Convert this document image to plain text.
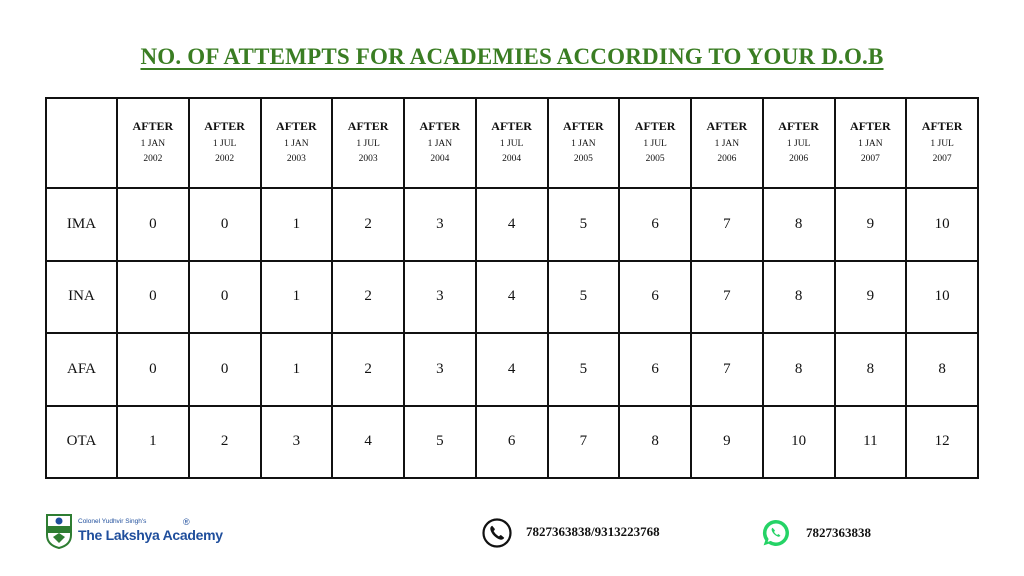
NO. OF ATTEMPTS FOR ACADEMIES ACCORDING TO YOUR D.O.B

	AFTER
1 JAN
2002	AFTER
1 JUL
2002	AFTER
1 JAN
2003	AFTER
1 JUL
2003	AFTER
1 JAN
2004	AFTER
1 JUL
2004	AFTER
1 JAN
2005	AFTER
1 JUL
2005	AFTER
1 JAN
2006	AFTER
1 JUL
2006	AFTER
1 JAN
2007	AFTER
1 JUL
2007

IMA	0	0	1	2	3	4	5	6	7	8	9	10
INA	0	0	1	2	3	4	5	6	7	8	9	10
AFA	0	0	1	2	3	4	5	6	7	8	8	8
OTA	1	2	3	4	5	6	7	8	9	10	11	12
Colonel Yudhvir Singh's
The Lakshya Academy
®
7827363838/9313223768	7827363838
